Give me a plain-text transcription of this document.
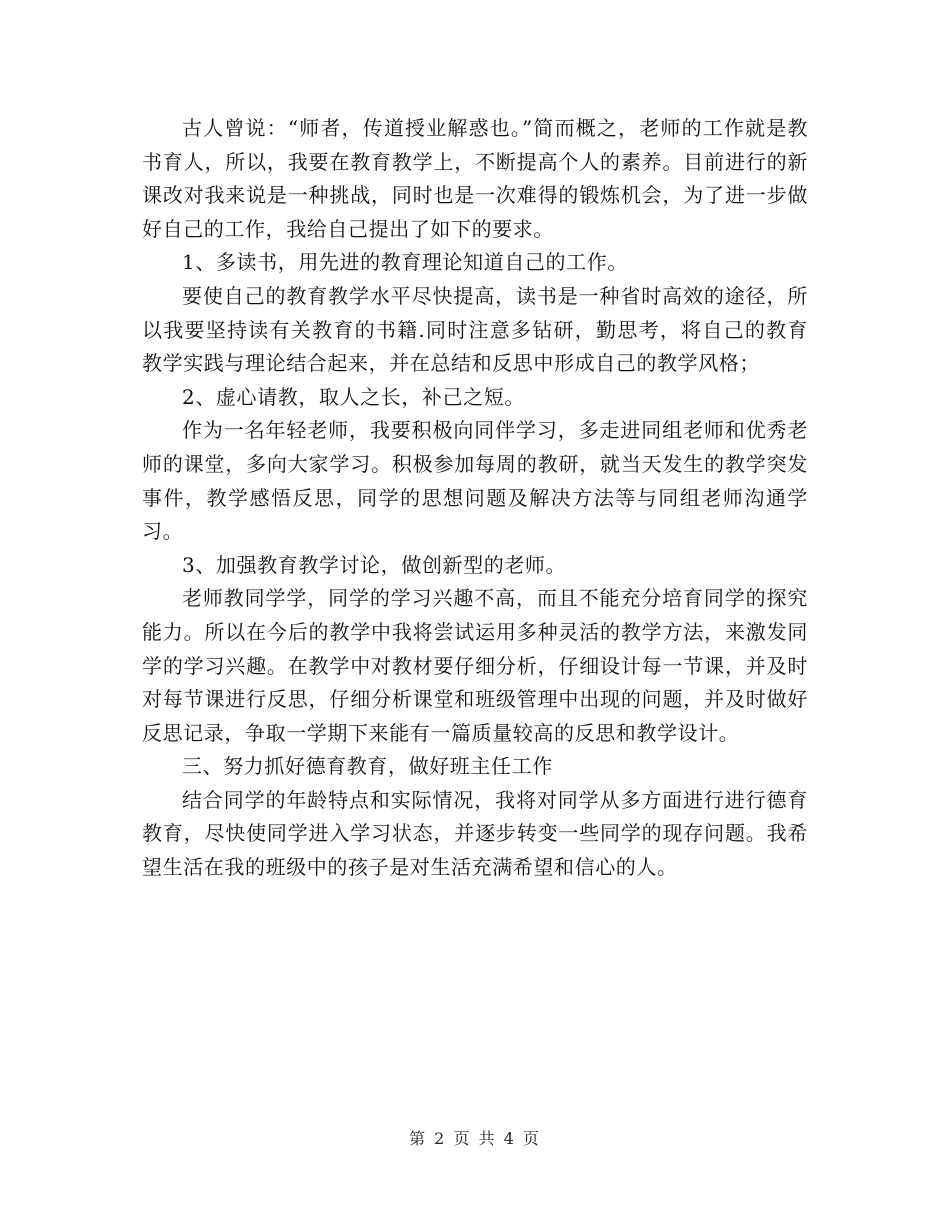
古人曾说：“师者，传道授业解惑也。”简而概之，老师的工作就是教书育人，所以，我要在教育教学上，不断提高个人的素养。目前进行的新课改对我来说是一种挑战，同时也是一次难得的锻炼机会，为了进一步做好自己的工作，我给自己提出了如下的要求。

1、多读书，用先进的教育理论知道自己的工作。

要使自己的教育教学水平尽快提高，读书是一种省时高效的途径，所以我要坚持读有关教育的书籍.同时注意多钻研，勤思考，将自己的教育教学实践与理论结合起来，并在总结和反思中形成自己的教学风格；

2、虚心请教，取人之长，补己之短。

作为一名年轻老师，我要积极向同伴学习，多走进同组老师和优秀老师的课堂，多向大家学习。积极参加每周的教研，就当天发生的教学突发事件，教学感悟反思，同学的思想问题及解决方法等与同组老师沟通学习。

3、加强教育教学讨论，做创新型的老师。

老师教同学学，同学的学习兴趣不高，而且不能充分培育同学的探究能力。所以在今后的教学中我将尝试运用多种灵活的教学方法，来激发同学的学习兴趣。在教学中对教材要仔细分析，仔细设计每一节课，并及时对每节课进行反思，仔细分析课堂和班级管理中出现的问题，并及时做好反思记录，争取一学期下来能有一篇质量较高的反思和教学设计。

三、努力抓好德育教育，做好班主任工作

结合同学的年龄特点和实际情况，我将对同学从多方面进行进行德育教育，尽快使同学进入学习状态，并逐步转变一些同学的现存问题。我希望生活在我的班级中的孩子是对生活充满希望和信心的人。

第 2 页 共 4 页
